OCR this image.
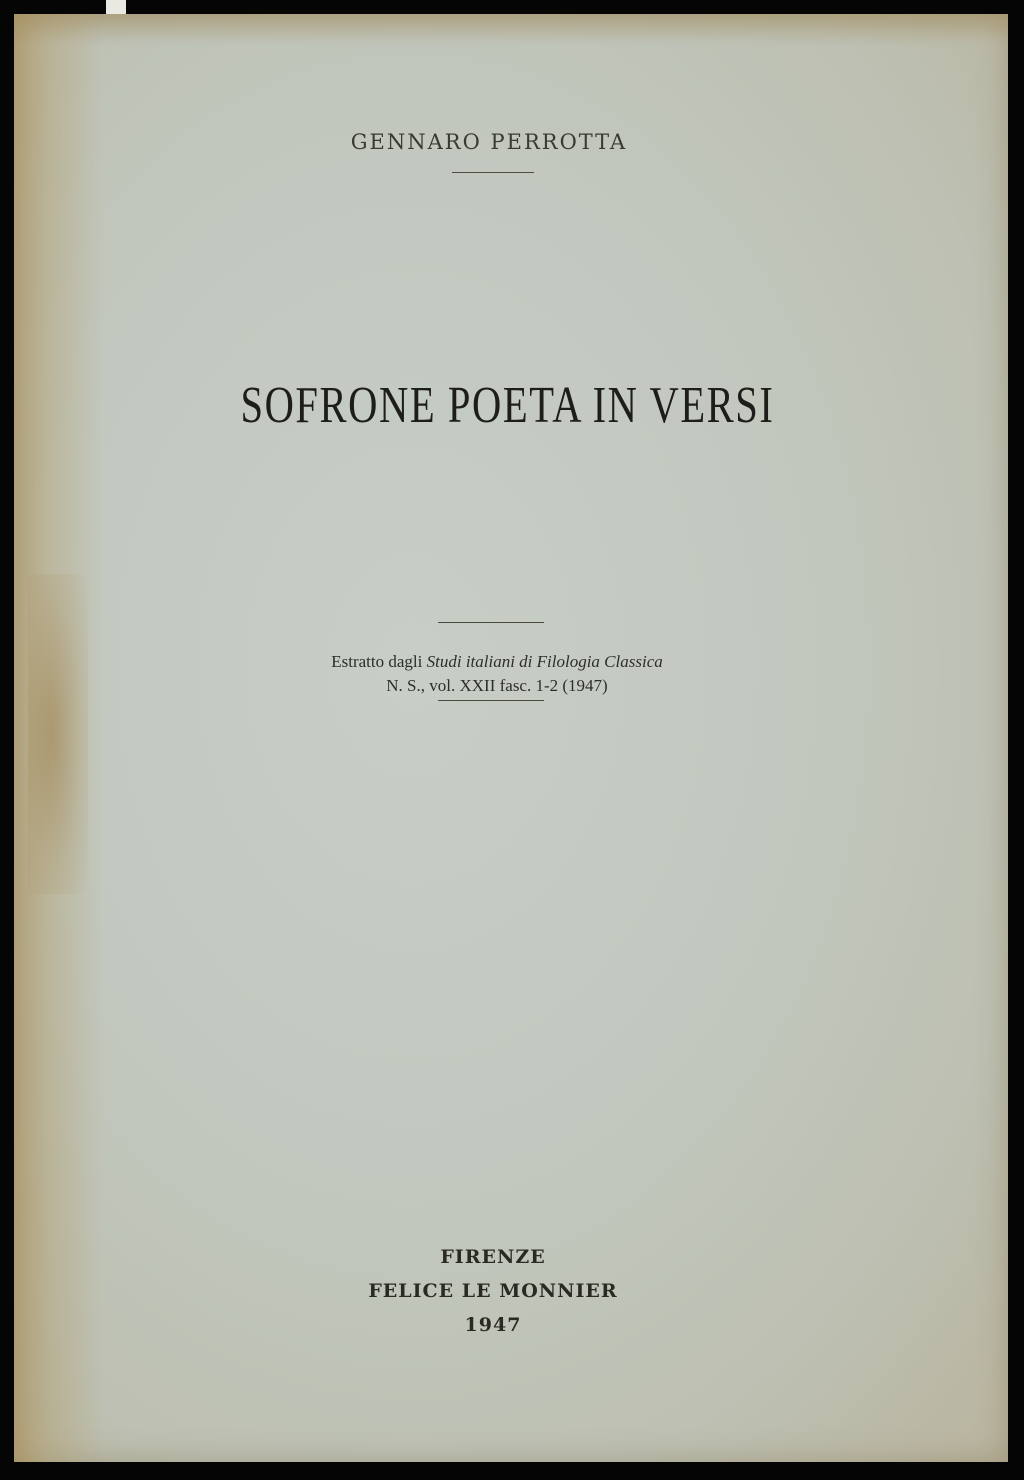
GENNARO PERROTTA
SOFRONE POETA IN VERSI
Estratto dagli Studi italiani di Filologia Classica
N. S., vol. XXII fasc. 1-2 (1947)
FIRENZE
FELICE LE MONNIER
1947
